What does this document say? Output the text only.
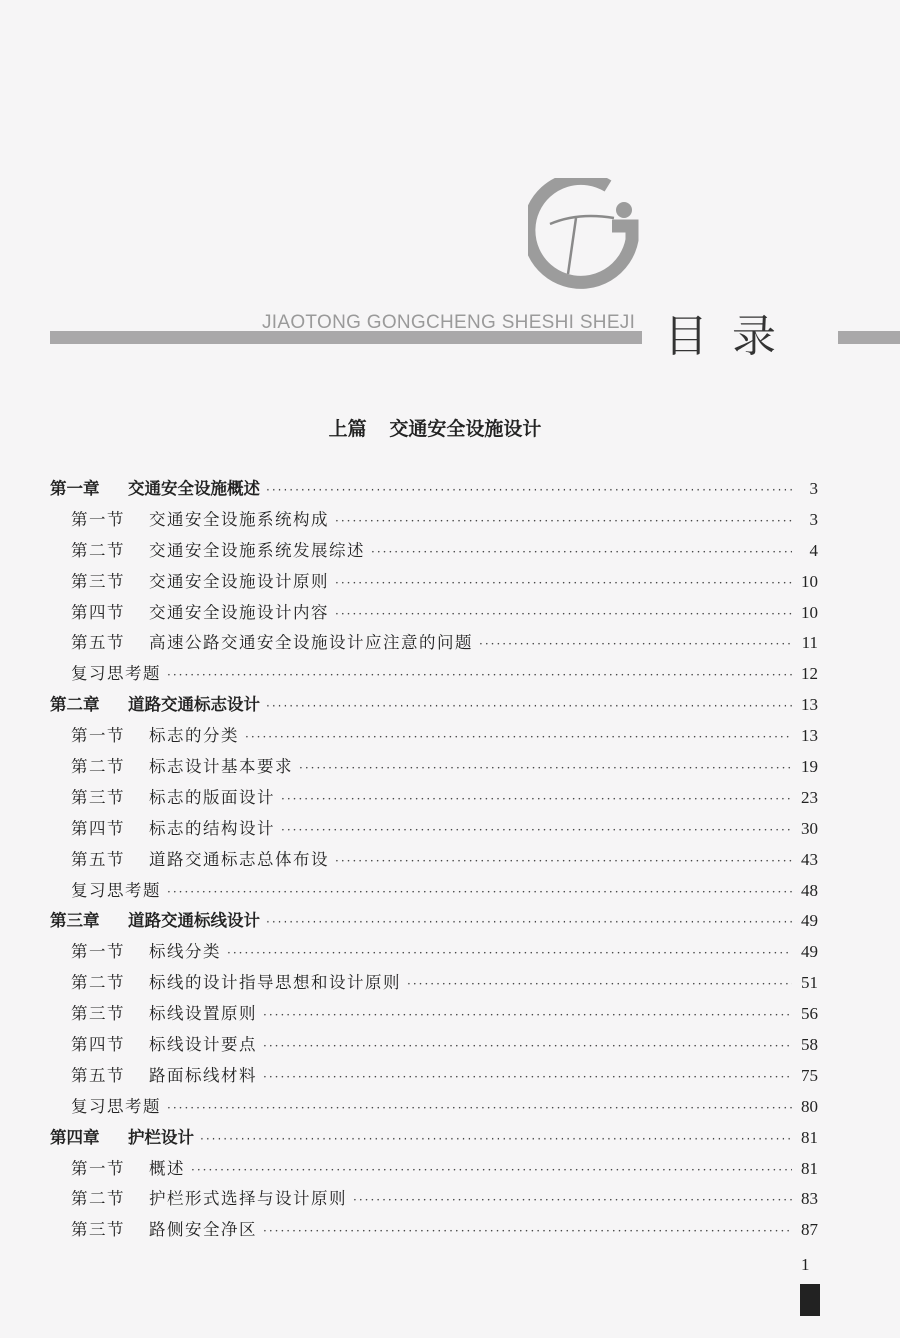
JIAOTONG GONGCHENG SHESHI SHEJI 目录
上篇 交通安全设施设计
第一章	交通安全设施概述 ·····	3
第一节	交通安全设施系统构成 ·····	3
第二节	交通安全设施系统发展综述 ·····	4
第三节	交通安全设施设计原则 ·····	10
第四节	交通安全设施设计内容 ·····	10
第五节	高速公路交通安全设施设计应注意的问题 ·····	11
复习思考题 ·····	12
第二章	道路交通标志设计 ·····	13
第一节	标志的分类 ·····	13
第二节	标志设计基本要求 ·····	19
第三节	标志的版面设计 ·····	23
第四节	标志的结构设计 ·····	30
第五节	道路交通标志总体布设 ·····	43
复习思考题 ·····	48
第三章	道路交通标线设计 ·····	49
第一节	标线分类 ·····	49
第二节	标线的设计指导思想和设计原则 ·····	51
第三节	标线设置原则 ·····	56
第四节	标线设计要点 ·····	58
第五节	路面标线材料 ·····	75
复习思考题 ·····	80
第四章	护栏设计 ·····	81
第一节	概述 ·····	81
第二节	护栏形式选择与设计原则 ·····	83
第三节	路侧安全净区 ·····	87
1
